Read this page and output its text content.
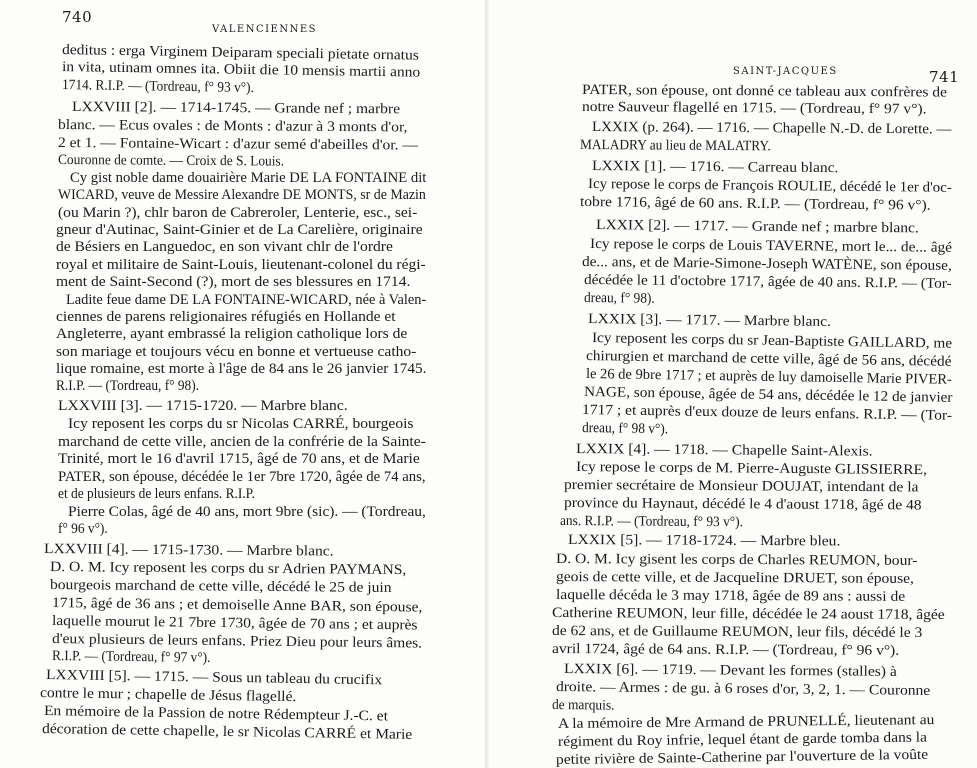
740
VALENCIENNES
deditus : erga Virginem Deiparam speciali pietate ornatus
in vita, utinam omnes ita. Obiit die 10 mensis martii anno
1714. R.I.P. — (Tordreau, f° 93 v°).
LXXVIII [2]. — 1714-1745. — Grande nef ; marbre
blanc. — Ecus ovales : de Monts : d'azur à 3 monts d'or,
2 et 1. — Fontaine-Wicart : d'azur semé d'abeilles d'or. —
Couronne de comte. — Croix de S. Louis.
Cy gist noble dame douairière Marie DE LA FONTAINE dit
WICARD, veuve de Messire Alexandre DE MONTS, sr de Mazin
(ou Marin ?), chlr baron de Cabreroler, Lenterie, esc., sei-
gneur d'Autinac, Saint-Ginier et de La Carelière, originaire
de Bésiers en Languedoc, en son vivant chlr de l'ordre
royal et militaire de Saint-Louis, lieutenant-colonel du régi-
ment de Saint-Second (?), mort de ses blessures en 1714.
Ladite feue dame DE LA FONTAINE-WICARD, née à Valen-
ciennes de parens religionaires réfugiés en Hollande et
Angleterre, ayant embrassé la religion catholique lors de
son mariage et toujours vécu en bonne et vertueuse catho-
lique romaine, est morte à l'âge de 84 ans le 26 janvier 1745.
R.I.P. — (Tordreau, f° 98).
LXXVIII [3]. — 1715-1720. — Marbre blanc.
Icy reposent les corps du sr Nicolas CARRÉ, bourgeois
marchand de cette ville, ancien de la confrérie de la Sainte-
Trinité, mort le 16 d'avril 1715, âgé de 70 ans, et de Marie
PATER, son épouse, décédée le 1er 7bre 1720, âgée de 74 ans,
et de plusieurs de leurs enfans. R.I.P.
Pierre Colas, âgé de 40 ans, mort 9bre (sic). — (Tordreau,
f° 96 v°).
LXXVIII [4]. — 1715-1730. — Marbre blanc.
D. O. M. Icy reposent les corps du sr Adrien PAYMANS,
bourgeois marchand de cette ville, décédé le 25 de juin
1715, âgé de 36 ans ; et demoiselle Anne BAR, son épouse,
laquelle mourut le 21 7bre 1730, âgée de 70 ans ; et auprès
d'eux plusieurs de leurs enfans. Priez Dieu pour leurs âmes.
R.I.P. — (Tordreau, f° 97 v°).
LXXVIII [5]. — 1715. — Sous un tableau du crucifix
contre le mur ; chapelle de Jésus flagellé.
En mémoire de la Passion de notre Rédempteur J.-C. et
décoration de cette chapelle, le sr Nicolas CARRÉ et Marie
SAINT-JACQUES	741
PATER, son épouse, ont donné ce tableau aux confrères de
notre Sauveur flagellé en 1715. — (Tordreau, f° 97 v°).
LXXIX (p. 264). — 1716. — Chapelle N.-D. de Lorette. —
MALADRY au lieu de MALATRY.
LXXIX [1]. — 1716. — Carreau blanc.
Icy repose le corps de François ROULIE, décédé le 1er d'oc-
tobre 1716, âgé de 60 ans. R.I.P. — (Tordreau, f° 96 v°).
LXXIX [2]. — 1717. — Grande nef ; marbre blanc.
Icy repose le corps de Louis TAVERNE, mort le... de... âgé
de... ans, et de Marie-Simone-Joseph WATÈNE, son épouse,
décédée le 11 d'octobre 1717, âgée de 40 ans. R.I.P. — (Tor-
dreau, f° 98).
LXXIX [3]. — 1717. — Marbre blanc.
Icy reposent les corps du sr Jean-Baptiste GAILLARD, me
chirurgien et marchand de cette ville, âgé de 56 ans, décédé
le 26 de 9bre 1717 ; et auprès de luy damoiselle Marie PIVER-
NAGE, son épouse, âgée de 54 ans, décédée le 12 de janvier
1717 ; et auprès d'eux douze de leurs enfans. R.I.P. — (Tor-
dreau, f° 98 v°).
LXXIX [4]. — 1718. — Chapelle Saint-Alexis.
Icy repose le corps de M. Pierre-Auguste GLISSIERRE,
premier secrétaire de Monsieur DOUJAT, intendant de la
province du Haynaut, décédé le 4 d'aoust 1718, âgé de 48
ans. R.I.P. — (Tordreau, f° 93 v°).
LXXIX [5]. — 1718-1724. — Marbre bleu.
D. O. M. Icy gisent les corps de Charles REUMON, bour-
geois de cette ville, et de Jacqueline DRUET, son épouse,
laquelle décéda le 3 may 1718, âgée de 89 ans : aussi de
Catherine REUMON, leur fille, décédée le 24 aoust 1718, âgée
de 62 ans, et de Guillaume REUMON, leur fils, décédé le 3
avril 1724, âgé de 64 ans. R.I.P. — (Tordreau, f° 96 v°).
LXXIX [6]. — 1719. — Devant les formes (stalles) à
droite. — Armes : de gu. à 6 roses d'or, 3, 2, 1. — Couronne
de marquis.
A la mémoire de Mre Armand de PRUNELLÉ, lieutenant au
régiment du Roy infrie, lequel étant de garde tomba dans la
petite rivière de Sainte-Catherine par l'ouverture de la voûte
